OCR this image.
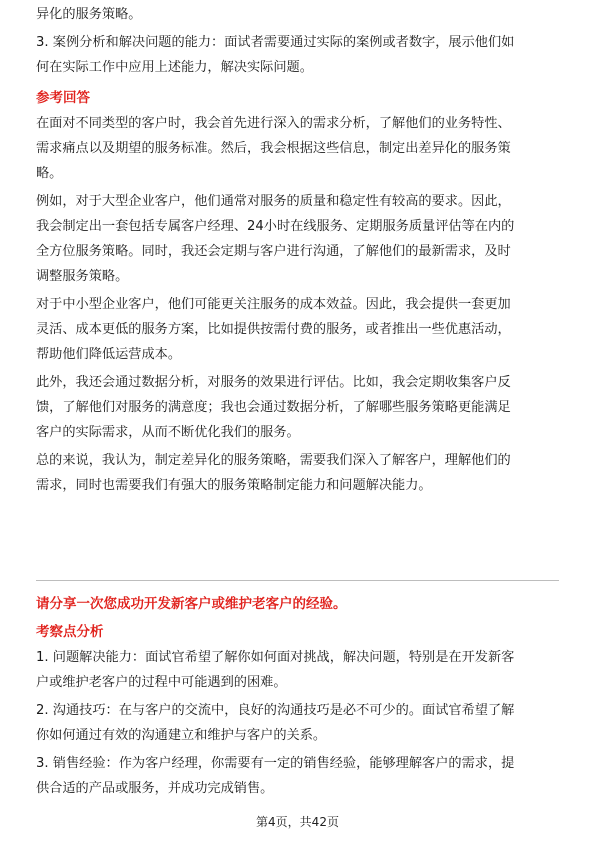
异化的服务策略。

3. 案例分析和解决问题的能力：面试者需要通过实际的案例或者数字，展示他们如
何在实际工作中应用上述能力，解决实际问题。

参考回答

在面对不同类型的客户时，我会首先进行深入的需求分析，了解他们的业务特性、
需求痛点以及期望的服务标准。然后，我会根据这些信息，制定出差异化的服务策
略。

例如，对于大型企业客户，他们通常对服务的质量和稳定性有较高的要求。因此，
我会制定出一套包括专属客户经理、24小时在线服务、定期服务质量评估等在内的
全方位服务策略。同时，我还会定期与客户进行沟通，了解他们的最新需求，及时
调整服务策略。

对于中小型企业客户，他们可能更关注服务的成本效益。因此，我会提供一套更加
灵活、成本更低的服务方案，比如提供按需付费的服务，或者推出一些优惠活动，
帮助他们降低运营成本。

此外，我还会通过数据分析，对服务的效果进行评估。比如，我会定期收集客户反
馈，了解他们对服务的满意度；我也会通过数据分析，了解哪些服务策略更能满足
客户的实际需求，从而不断优化我们的服务。

总的来说，我认为，制定差异化的服务策略，需要我们深入了解客户，理解他们的
需求，同时也需要我们有强大的服务策略制定能力和问题解决能力。

请分享一次您成功开发新客户或维护老客户的经验。

考察点分析

1. 问题解决能力：面试官希望了解你如何面对挑战，解决问题，特别是在开发新客
户或维护老客户的过程中可能遇到的困难。

2. 沟通技巧：在与客户的交流中，良好的沟通技巧是必不可少的。面试官希望了解
你如何通过有效的沟通建立和维护与客户的关系。

3. 销售经验：作为客户经理，你需要有一定的销售经验，能够理解客户的需求，提
供合适的产品或服务，并成功完成销售。

第4页，共42页
